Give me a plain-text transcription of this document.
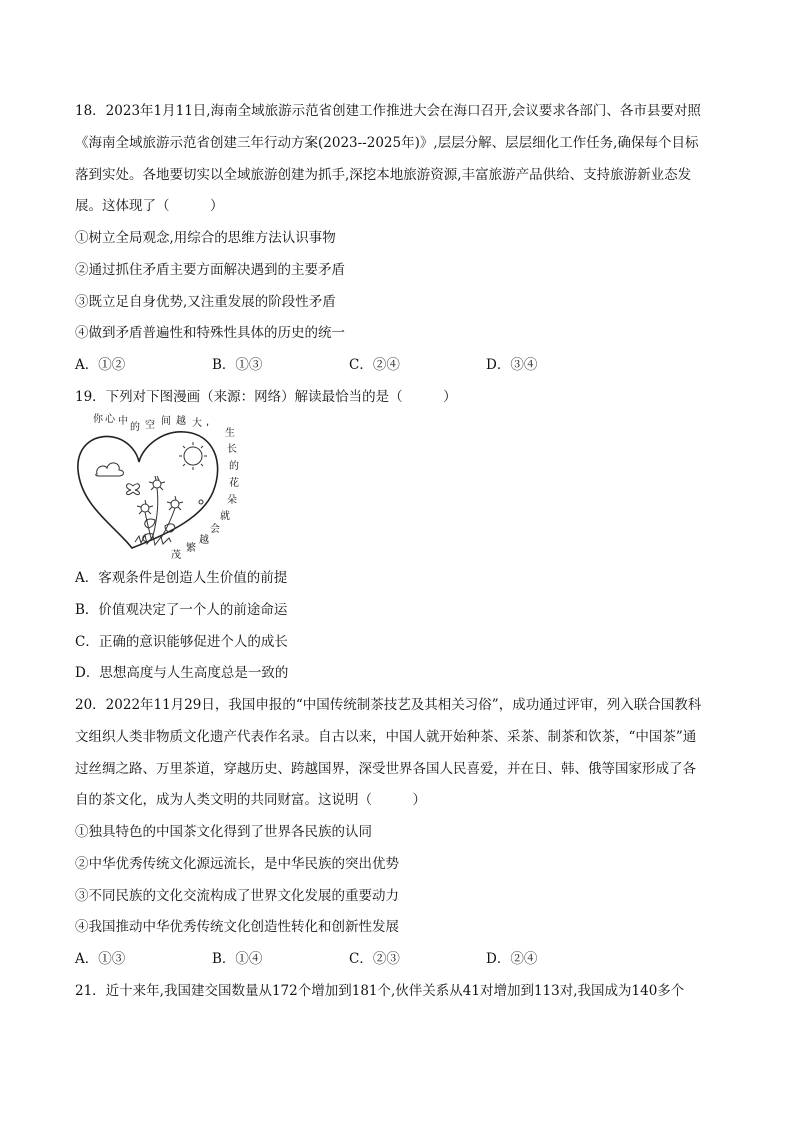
18．2023年1月11日,海南全域旅游示范省创建工作推进大会在海口召开,会议要求各部门、各市县要对照
《海南全域旅游示范省创建三年行动方案(2023--2025年)》,层层分解、层层细化工作任务,确保每个目标
落到实处。各地要切实以全域旅游创建为抓手,深挖本地旅游资源,丰富旅游产品供给、支持旅游新业态发
展。这体现了（　　　）
①树立全局观念,用综合的思维方法认识事物
②通过抓住矛盾主要方面解决遇到的主要矛盾
③既立足自身优势,又注重发展的阶段性矛盾
④做到矛盾普遍性和特殊性具体的历史的统一
A．①②	B．①③	C．②④	D．③④
19．下列对下图漫画（来源：网络）解读最恰当的是（　　　）
你 心 中
的 空 间 越 大 ,
生
长
的
花
朵
就
会
越
繁
茂
A．客观条件是创造人生价值的前提
B．价值观决定了一个人的前途命运
C．正确的意识能够促进个人的成长
D．思想高度与人生高度总是一致的
20．2022年11月29日，我国申报的“中国传统制茶技艺及其相关习俗”，成功通过评审，列入联合国教科
文组织人类非物质文化遗产代表作名录。自古以来，中国人就开始种茶、采茶、制茶和饮茶，“中国茶”通
过丝绸之路、万里茶道，穿越历史、跨越国界，深受世界各国人民喜爱，并在日、韩、俄等国家形成了各
自的茶文化，成为人类文明的共同财富。这说明（　　　）
①独具特色的中国茶文化得到了世界各民族的认同
②中华优秀传统文化源远流长，是中华民族的突出优势
③不同民族的文化交流构成了世界文化发展的重要动力
④我国推动中华优秀传统文化创造性转化和创新性发展
A．①③	B．①④	C．②③	D．②④
21．近十来年,我国建交国数量从172个增加到181个,伙伴关系从41对增加到113对,我国成为140多个
